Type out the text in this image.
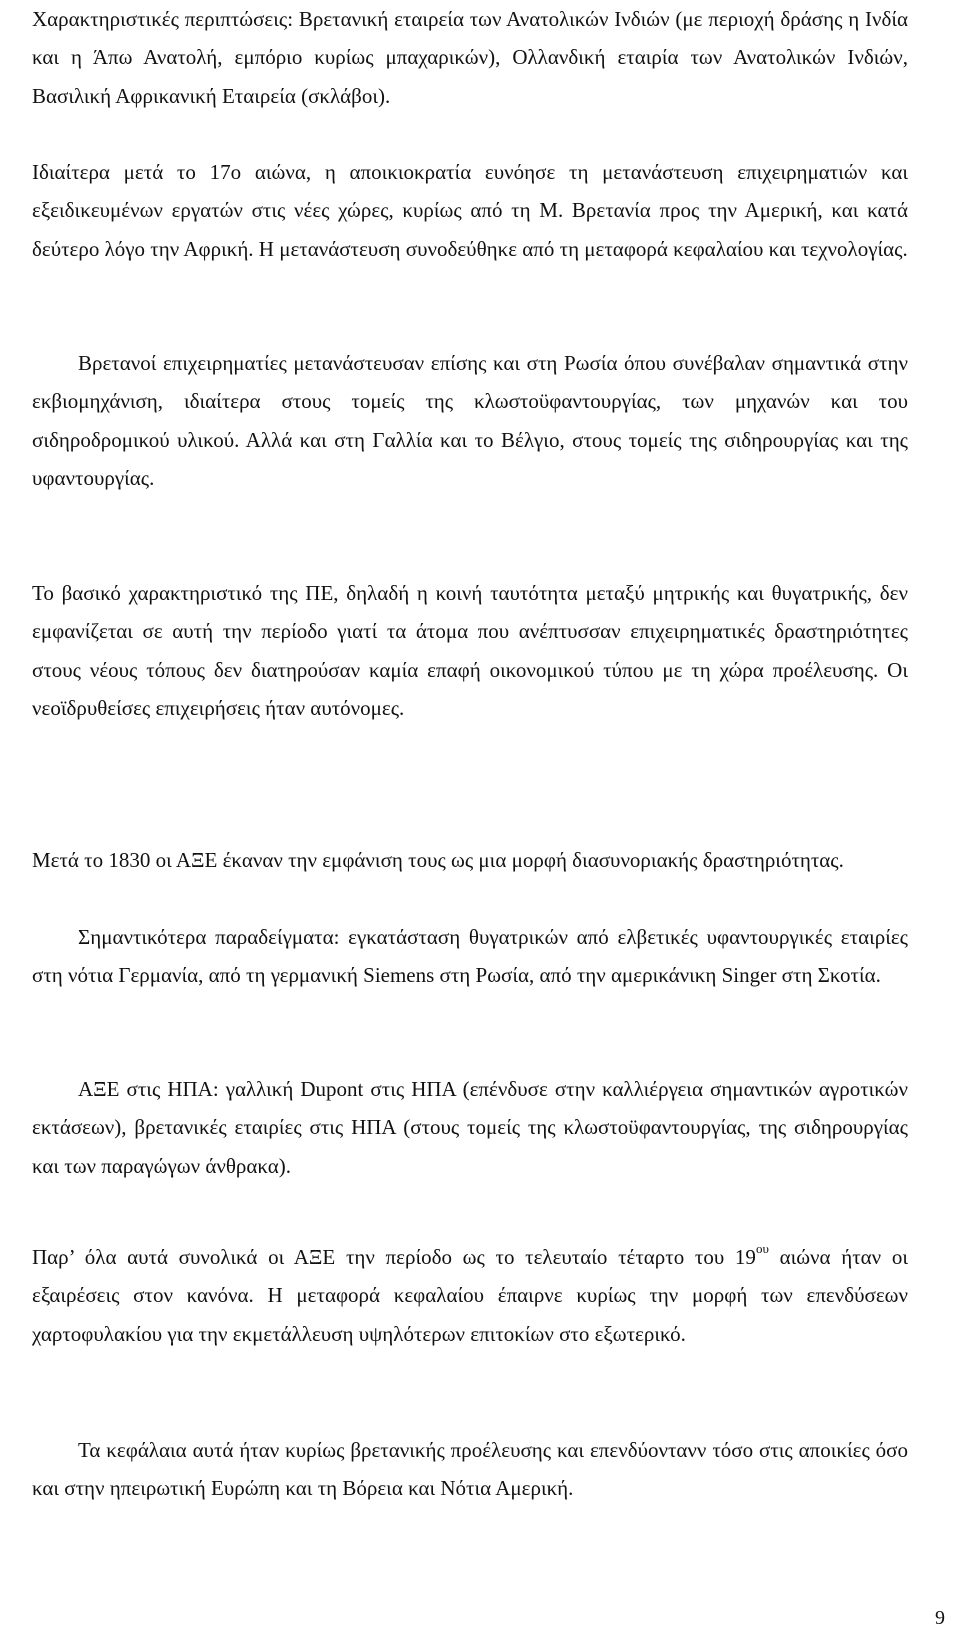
Χαρακτηριστικές περιπτώσεις: Βρετανική εταιρεία των Ανατολικών Ινδιών (με περιοχή δράσης η Ινδία και η Άπω Ανατολή, εμπόριο κυρίως μπαχαρικών), Ολλανδική εταιρία των Ανατολικών Ινδιών, Βασιλική Αφρικανική Εταιρεία (σκλάβοι).

Ιδιαίτερα μετά το 17ο αιώνα, η αποικιοκρατία ευνόησε τη μετανάστευση επιχειρηματιών και εξειδικευμένων εργατών στις νέες χώρες, κυρίως από τη Μ. Βρετανία προς την Αμερική, και κατά δεύτερο λόγο την Αφρική. Η μετανάστευση συνοδεύθηκε από τη μεταφορά κεφαλαίου και τεχνολογίας.

Βρετανοί επιχειρηματίες μετανάστευσαν επίσης και στη Ρωσία όπου συνέβαλαν σημαντικά στην εκβιομηχάνιση, ιδιαίτερα στους τομείς της κλωστοϋφαντουργίας, των μηχανών και του σιδηροδρομικού υλικού. Αλλά και στη Γαλλία και το Βέλγιο, στους τομείς της σιδηρουργίας και της υφαντουργίας.

Το βασικό χαρακτηριστικό της ΠΕ, δηλαδή η κοινή ταυτότητα μεταξύ μητρικής και θυγατρικής, δεν εμφανίζεται σε αυτή την περίοδο γιατί τα άτομα που ανέπτυσσαν επιχειρηματικές δραστηριότητες στους νέους τόπους δεν διατηρούσαν καμία επαφή οικονομικού τύπου με τη χώρα προέλευσης. Οι νεοϊδρυθείσες επιχειρήσεις ήταν αυτόνομες.

Μετά το 1830 οι ΑΞΕ έκαναν την εμφάνιση τους ως μια μορφή διασυνοριακής δραστηριότητας.

Σημαντικότερα παραδείγματα: εγκατάσταση θυγατρικών από ελβετικές υφαντουργικές εταιρίες στη νότια Γερμανία, από τη γερμανική Siemens στη Ρωσία, από την αμερικάνικη Singer στη Σκοτία.

ΑΞΕ στις ΗΠΑ: γαλλική Dupont στις ΗΠΑ (επένδυσε στην καλλιέργεια σημαντικών αγροτικών εκτάσεων), βρετανικές εταιρίες στις ΗΠΑ (στους τομείς της κλωστοϋφαντουργίας, της σιδηρουργίας και των παραγώγων άνθρακα).

Παρ’ όλα αυτά συνολικά οι ΑΞΕ την περίοδο ως το τελευταίο τέταρτο του $19^{o\upsilon}$ αιώνα ήταν οι εξαιρέσεις στον κανόνα. Η μεταφορά κεφαλαίου έπαιρνε κυρίως την μορφή των επενδύσεων χαρτοφυλακίου για την εκμετάλλευση υψηλότερων επιτοκίων στο εξωτερικό.

Τα κεφάλαια αυτά ήταν κυρίως βρετανικής προέλευσης και επενδύοντανν τόσο στις αποικίες όσο και στην ηπειρωτική Ευρώπη και τη Βόρεια και Νότια Αμερική.

9
